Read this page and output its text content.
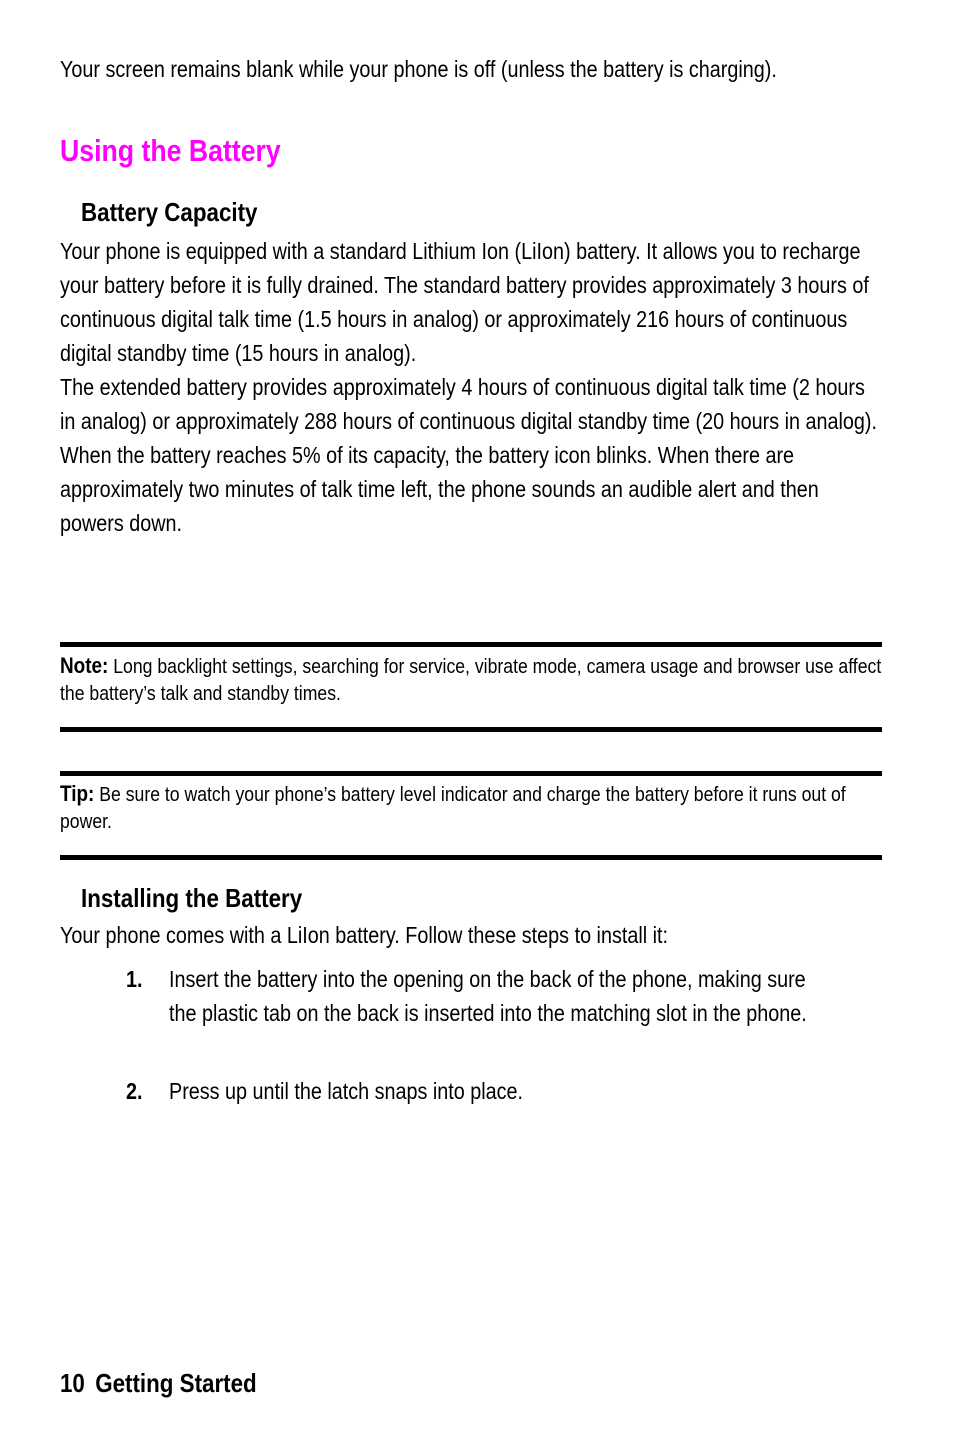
Your screen remains blank while your phone is off (unless the battery is charging).

Using the Battery
Battery Capacity

Your phone is equipped with a standard Lithium Ion (LiIon) battery. It allows you to recharge your battery before it is fully drained. The standard battery provides approximately 3 hours of continuous digital talk time (1.5 hours in analog) or approximately 216 hours of continuous digital standby time (15 hours in analog).

The extended battery provides approximately 4 hours of continuous digital talk time (2 hours in analog) or approximately 288 hours of continuous digital standby time (20 hours in analog).

When the battery reaches 5% of its capacity, the battery icon blinks. When there are approximately two minutes of talk time left, the phone sounds an audible alert and then powers down.

Note: Long backlight settings, searching for service, vibrate mode, camera usage and browser use affect the battery’s talk and standby times.

Tip: Be sure to watch your phone’s battery level indicator and charge the battery before it runs out of power.

Installing the Battery

Your phone comes with a LiIon battery. Follow these steps to install it:

1. Insert the battery into the opening on the back of the phone, making sure the plastic tab on the back is inserted into the matching slot in the phone.

2. Press up until the latch snaps into place.

10 Getting Started
